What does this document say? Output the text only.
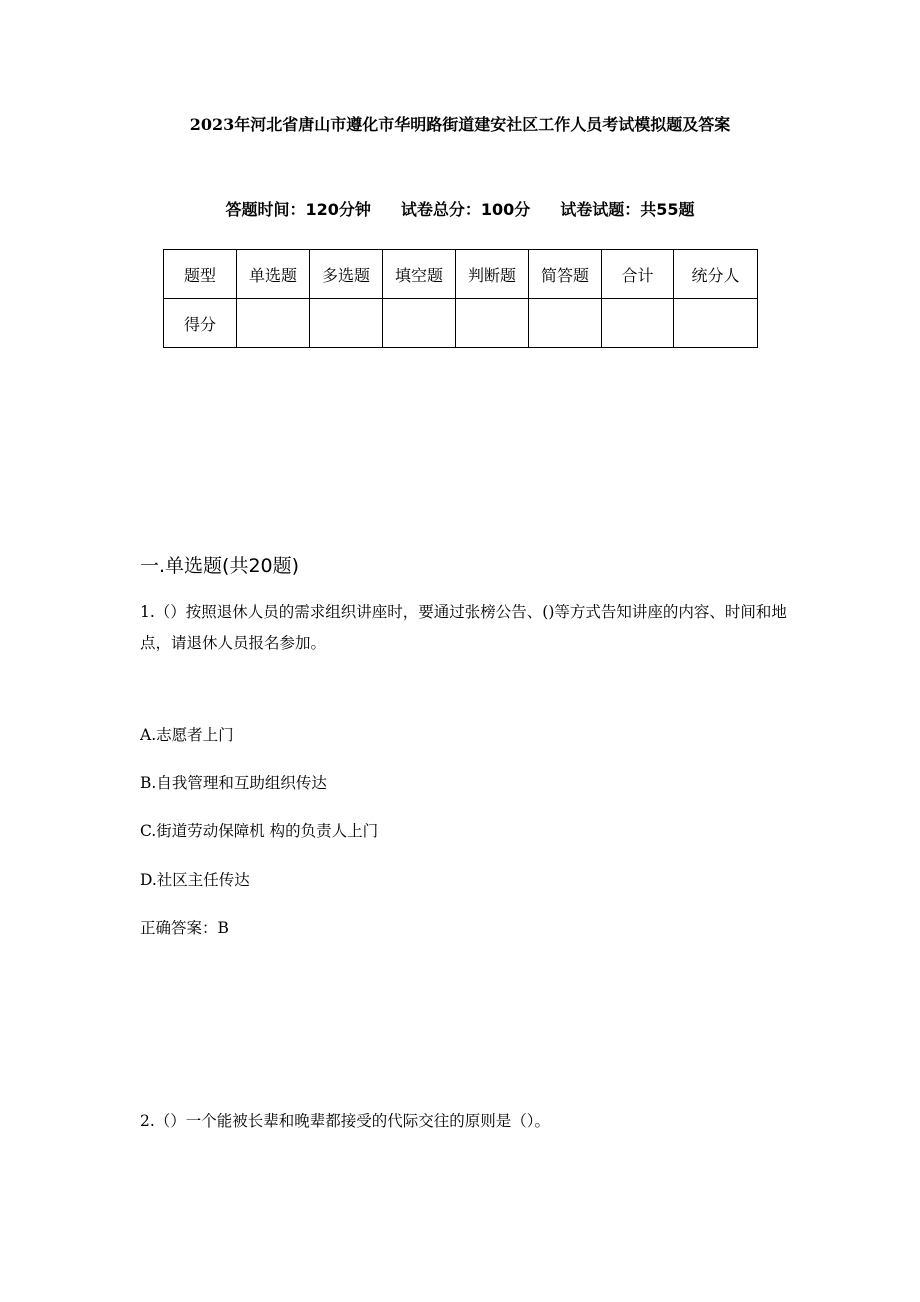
2023年河北省唐山市遵化市华明路街道建安社区工作人员考试模拟题及答案
答题时间：120分钟 试卷总分：100分 试卷试题：共55题
题型	单选题	多选题	填空题	判断题	简答题	合计	统分人
得分							
一.单选题(共20题)
1.（）按照退休人员的需求组织讲座时，要通过张榜公告、()等方式告知讲座的内容、时间和地点，请退休人员报名参加。
A.志愿者上门
B.自我管理和互助组织传达
C.街道劳动保障机 构的负责人上门
D.社区主任传达
正确答案：B
2.（）一个能被长辈和晚辈都接受的代际交往的原则是（）。
